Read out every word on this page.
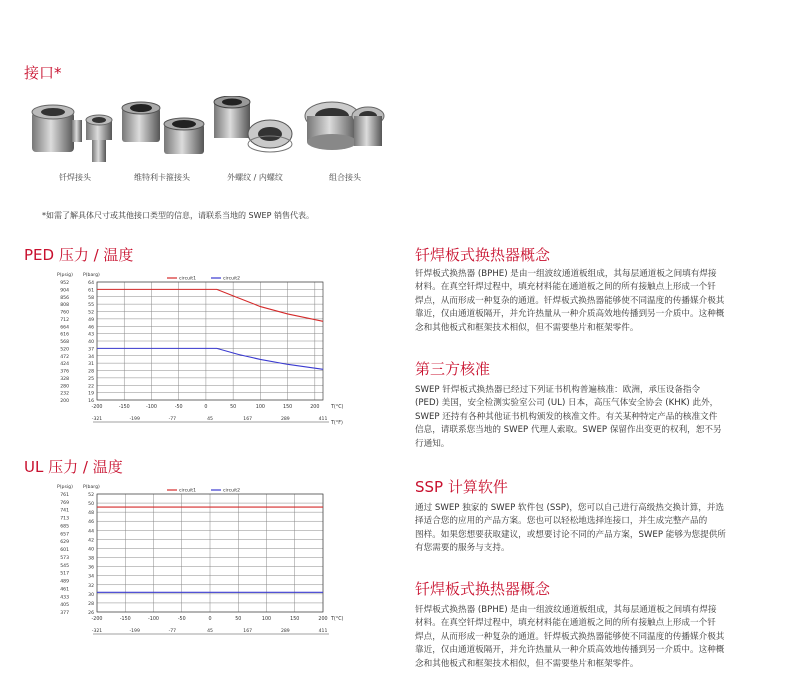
接口*
钎焊接头	维特利卡箍接头	外螺纹 / 内螺纹	组合接头
*如需了解具体尺寸或其他接口类型的信息，请联系当地的 SWEP 销售代表。
PED 压力 / 温度
UL 压力 / 温度
64
61
58
55
52
49
46
43
40
37
34
31
28
25
22
19
16
952
904
856
808
760
712
664
616
568
520
472
424
376
328
280
232
200
P(psig) P(barg)
-200	-150	-100	-50	0	50	100	150	200 T(°C)
-321	-199	-77	45	167	289	411
T(°F)
circuit1	circuit2
52
50
48
46
44
42
40
38
36
34
32
30
28
26
761
769
741
713
685
657
629
601
573
545
517
489
461
433
405
377
P(psig) P(barg)
-200	-150	-100	-50	0	50	100	150	200 T(°C)
-321	-199	-77	45	167	289	411
circuit1	circuit2
钎焊板式换热器概念

钎焊板式换热器 (BPHE) 是由一组波纹通道板组成，其每层通道板之间填有焊接

材料。在真空钎焊过程中，填充材料能在通道板之间的所有接触点上形成一个钎

焊点，从而形成一种复杂的通道。钎焊板式换热器能够使不同温度的传播媒介极其

靠近，仅由通道板隔开，并允许热量从一种介质高效地传播到另一介质中。这种概

念和其他板式和框架技术相似，但不需要垫片和框架零件。

第三方核准

SWEP 钎焊板式换热器已经过下列证书机构普遍核准：欧洲，承压设备指令

(PED) 美国，安全检测实验室公司 (UL) 日本，高压气体安全协会 (KHK) 此外，

SWEP 还持有各种其他证书机构颁发的核准文件。有关某种特定产品的核准文件

信息，请联系您当地的 SWEP 代理人索取。SWEP 保留作出变更的权利，恕不另

行通知。

SSP 计算软件

通过 SWEP 独家的 SWEP 软件包 (SSP)，您可以自己进行高级热交换计算，并选

择适合您的应用的产品方案。您也可以轻松地选择连接口，并生成完整产品的

图样。如果您想要获取建议，或想要讨论不同的产品方案，SWEP 能够为您提供所

有您需要的服务与支持。

钎焊板式换热器概念

钎焊板式换热器 (BPHE) 是由一组波纹通道板组成，其每层通道板之间填有焊接

材料。在真空钎焊过程中，填充材料能在通道板之间的所有接触点上形成一个钎

焊点，从而形成一种复杂的通道。钎焊板式换热器能够使不同温度的传播媒介极其

靠近，仅由通道板隔开，并允许热量从一种介质高效地传播到另一介质中。这种概

念和其他板式和框架技术相似，但不需要垫片和框架零件。
